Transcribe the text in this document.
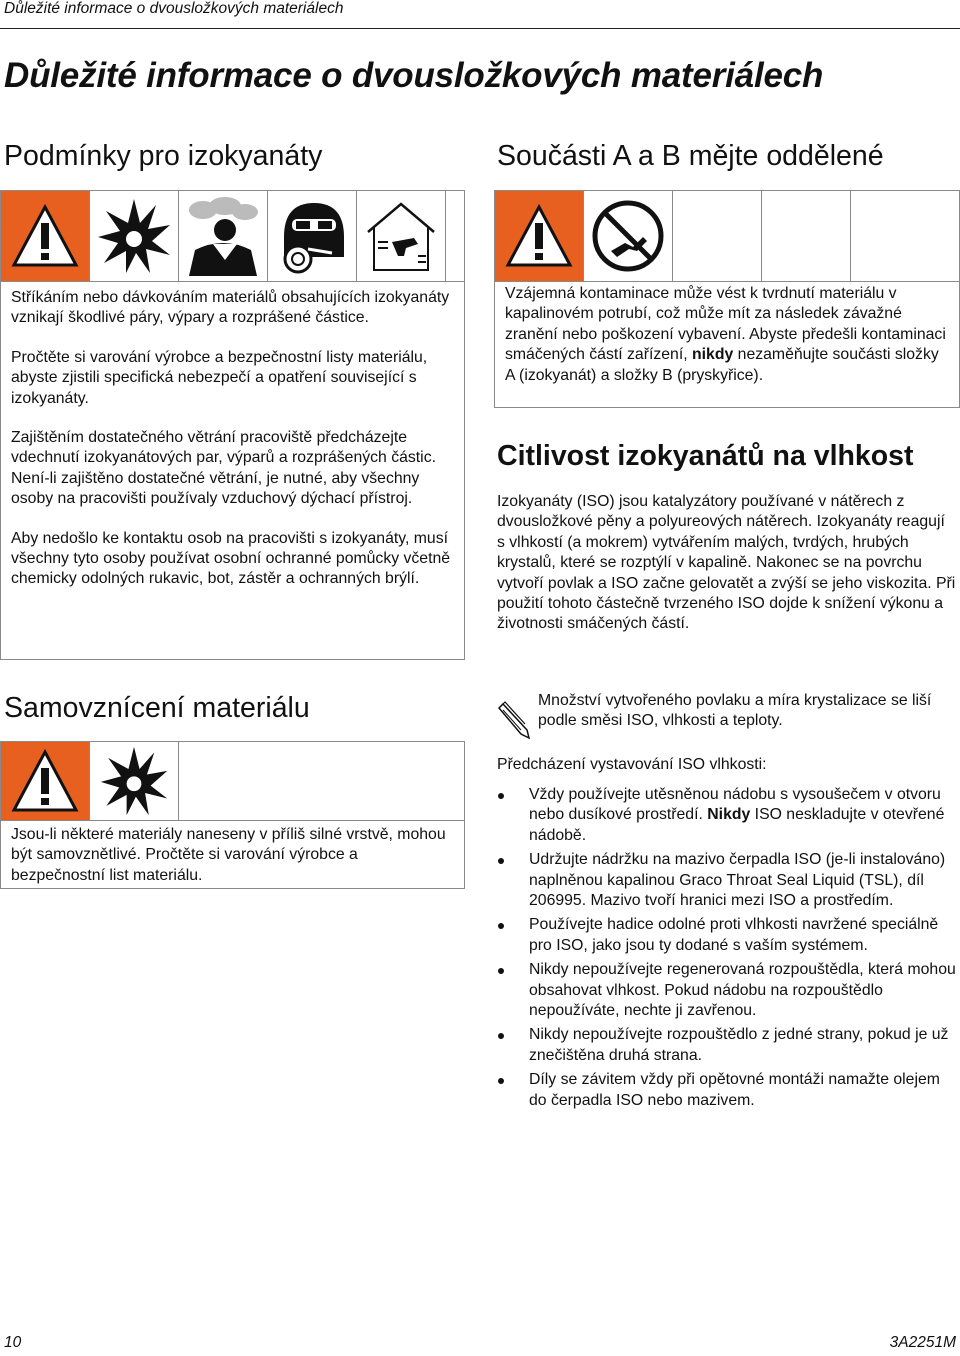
Důležité informace o dvousložkových materiálech
Důležité informace o dvousložkových materiálech
Podmínky pro izokyanáty

Stříkáním nebo dávkováním materiálů obsahujících izokyanáty vznikají škodlivé páry, výpary a rozprášené částice.

Pročtěte si varování výrobce a bezpečnostní listy materiálu, abyste zjistili specifická nebezpečí a opatření související s izokyanáty.

Zajištěním dostatečného větrání pracoviště předcházejte vdechnutí izokyanátových par, výparů a rozprášených částic. Není-li zajištěno dostatečné větrání, je nutné, aby všechny osoby na pracovišti používaly vzduchový dýchací přístroj.

Aby nedošlo ke kontaktu osob na pracovišti s izokyanáty, musí všechny tyto osoby používat osobní ochranné pomůcky včetně chemicky odolných rukavic, bot, zástěr a ochranných brýlí.

Samovznícení materiálu
Jsou-li některé materiály naneseny v příliš silné vrstvě, mohou být samovznětlivé. Pročtěte si varování výrobce a bezpečnostní list materiálu.
Součásti A a B mějte oddělené
Vzájemná kontaminace může vést k tvrdnutí materiálu v kapalinovém potrubí, což může mít za následek závažné zranění nebo poškození vybavení. Abyste předešli kontaminaci smáčených částí zařízení, nikdy nezaměňujte součásti složky A (izokyanát) a složky B (pryskyřice).
Citlivost izokyanátů na vlhkost
Izokyanáty (ISO) jsou katalyzátory používané v nátěrech z dvousložkové pěny a polyureových nátěrech. Izokyanáty reagují s vlhkostí (a mokrem) vytvářením malých, tvrdých, hrubých krystalů, které se rozptýlí v kapalině. Nakonec se na povrchu vytvoří povlak a ISO začne gelovatět a zvýší se jeho viskozita. Při použití tohoto částečně tvrzeného ISO dojde k snížení výkonu a životnosti smáčených částí.
Množství vytvořeného povlaku a míra krystalizace se liší podle směsi ISO, vlhkosti a teploty.
Předcházení vystavování ISO vlhkosti:
Vždy používejte utěsněnou nádobu s vysoušečem v otvoru nebo dusíkové prostředí. Nikdy ISO neskladujte v otevřené nádobě.
Udržujte nádržku na mazivo čerpadla ISO (je-li instalováno) naplněnou kapalinou Graco Throat Seal Liquid (TSL), díl 206995. Mazivo tvoří hranici mezi ISO a prostředím.
Používejte hadice odolné proti vlhkosti navržené speciálně pro ISO, jako jsou ty dodané s vaším systémem.
Nikdy nepoužívejte regenerovaná rozpouštědla, která mohou obsahovat vlhkost. Pokud nádobu na rozpouštědlo nepoužíváte, nechte ji zavřenou.
Nikdy nepoužívejte rozpouštědlo z jedné strany, pokud je už znečištěna druhá strana.
Díly se závitem vždy při opětovné montáži namažte olejem do čerpadla ISO nebo mazivem.
10	3A2251M
